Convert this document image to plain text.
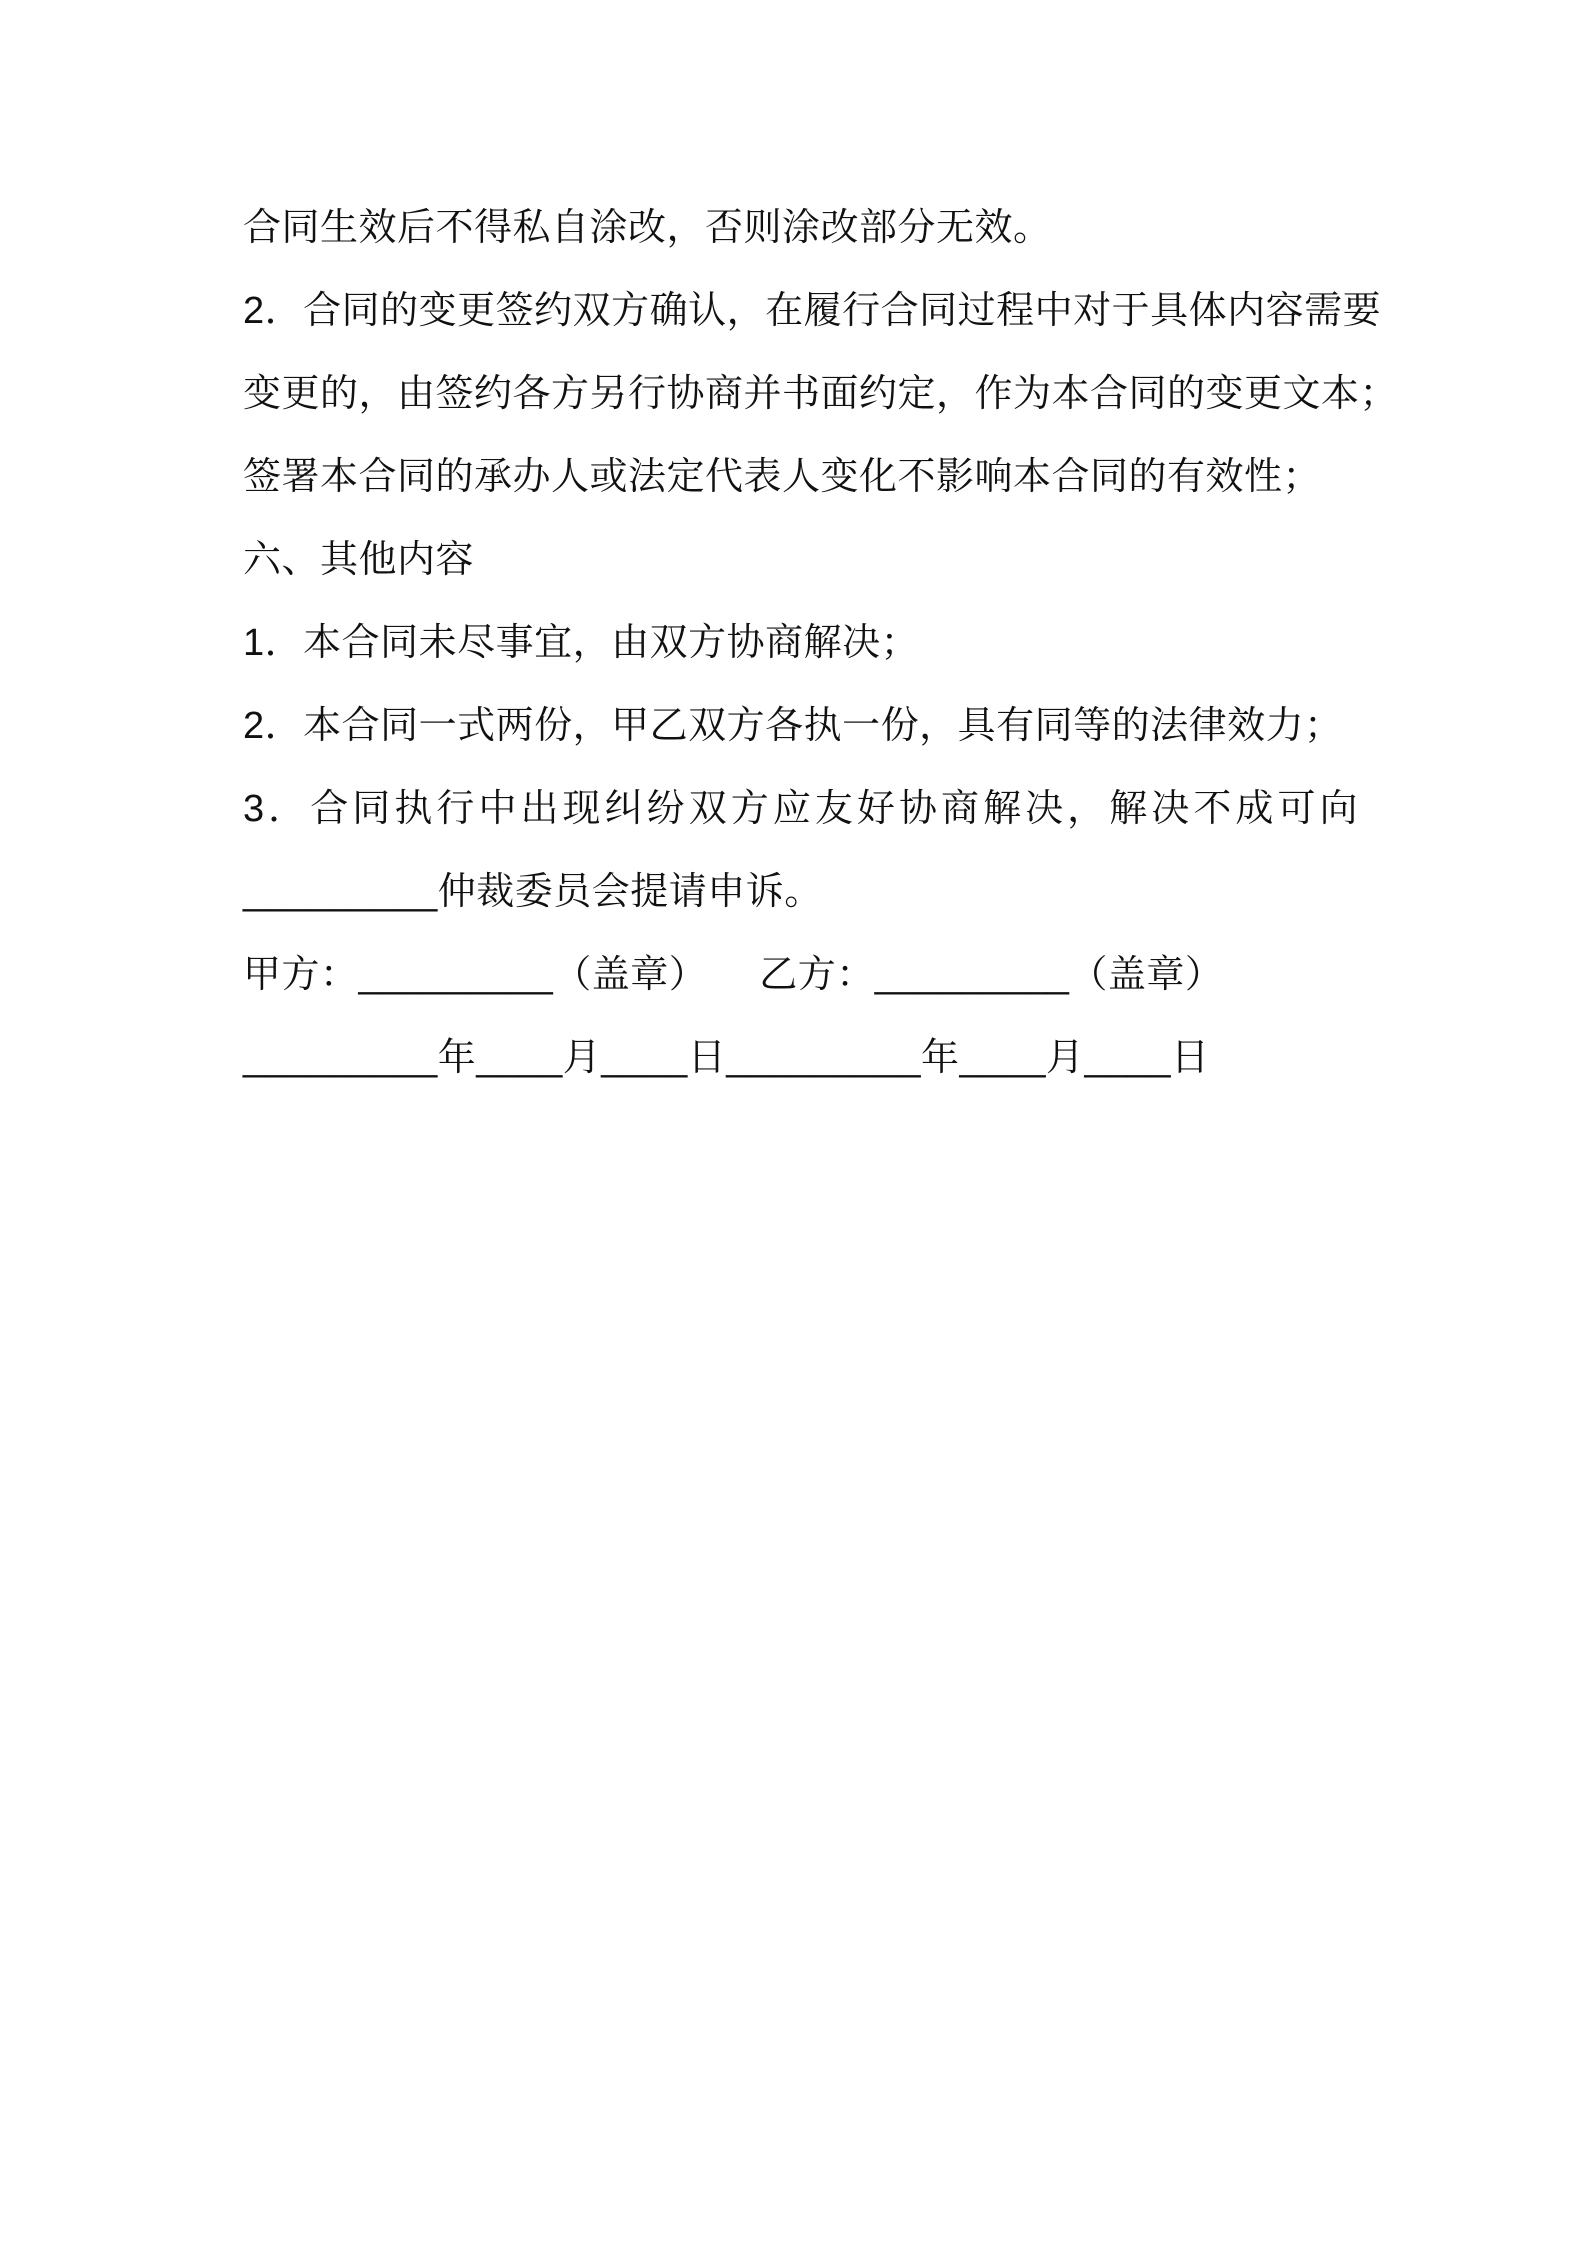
合同生效后不得私自涂改，否则涂改部分无效。
2．合同的变更签约双方确认，在履行合同过程中对于具体内容需要
变更的，由签约各方另行协商并书面约定，作为本合同的变更文本；
签署本合同的承办人或法定代表人变化不影响本合同的有效性；
六、其他内容
1．本合同未尽事宜，由双方协商解决；
2．本合同一式两份，甲乙双方各执一份，具有同等的法律效力；
3．合同执行中出现纠纷双方应友好协商解决，解决不成可向
_________仲裁委员会提请申诉。
甲方：_________（盖章） 乙方：_________（盖章）
_________年____月____日_________年____月____日
